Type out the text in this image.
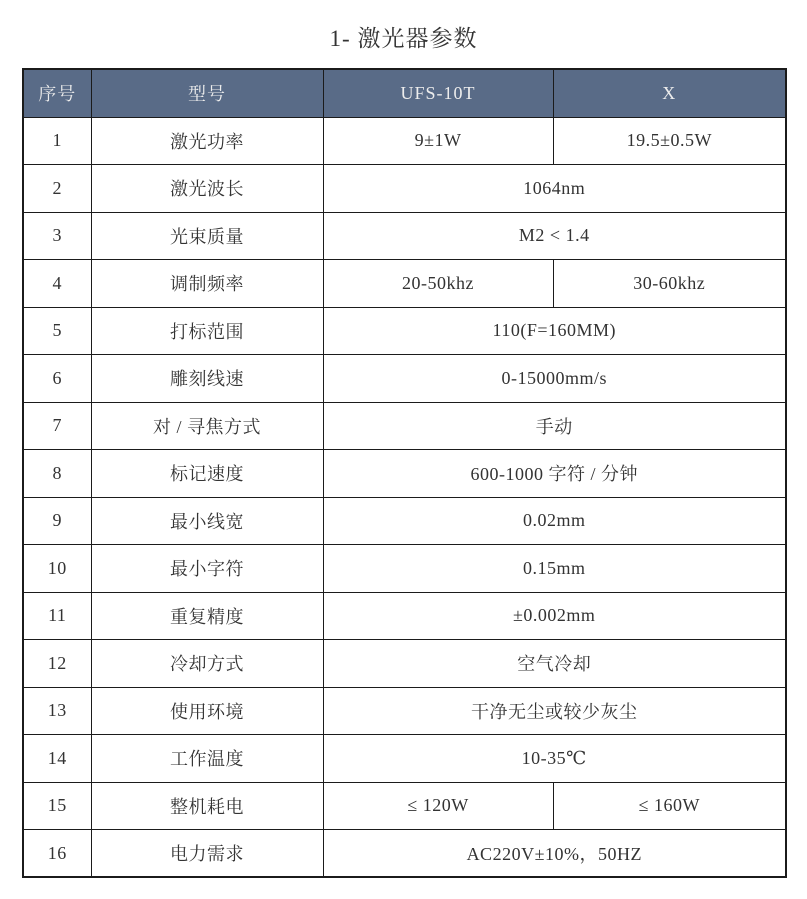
1- 激光器参数
序号	型号	UFS-10T	X
1	激光功率	9±1W	19.5±0.5W
2	激光波长	1064nm	
3	光束质量	M2 < 1.4	
4	调制频率	20-50khz	30-60khz
5	打标范围	110(F=160MM)	
6	雕刻线速	0-15000mm/s	
7	对 / 寻焦方式	手动	
8	标记速度	600-1000 字符 / 分钟	
9	最小线宽	0.02mm	
10	最小字符	0.15mm	
11	重复精度	±0.002mm	
12	冷却方式	空气冷却	
13	使用环境	干净无尘或较少灰尘	
14	工作温度	10-35℃	
15	整机耗电	≤ 120W	≤ 160W
16	电力需求	AC220V±10%，50HZ	
